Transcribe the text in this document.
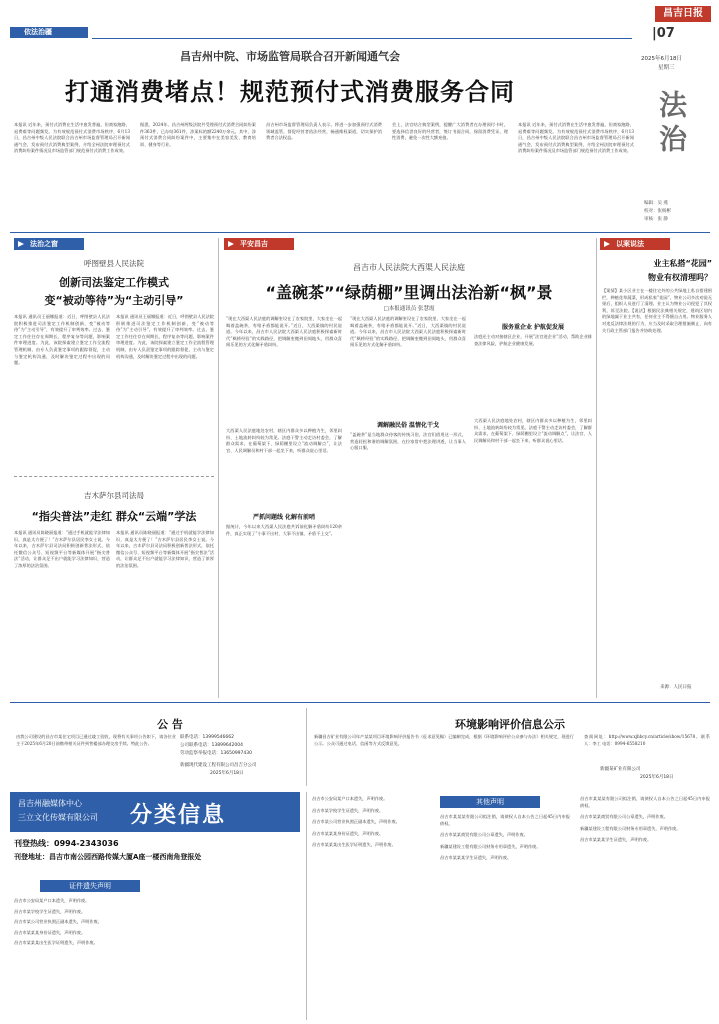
依法治疆
昌吉日报
|07
2025年6月18日
星期三
昌吉州中院、市场监管局联合召开新闻通气会
打通消费堵点！规范预付式消费服务合同
本报讯 近年来，预付式消费在生活中愈发普遍，但商家跑路、退费难等问题频发。为有效规范预付式消费市场秩序，6月13日，昌吉州中级人民法院联合昌吉州市场监督管理局召开新闻通气会，发布预付式消费典型案例，介绍全州法院审理预付式消费纠纷案件情况及市场监管部门规范预付式消费工作成效。
据悉，2024年，昌吉州两级法院共受理预付式消费合同纠纷案件363件，已办结361件，涉案标的额2240万余元。其中，涉预付式消费合同纠纷案件中，主要集中在美容美发、教育培训、健身等行业。
昌吉州市场监督管理局负责人表示，将进一步加强预付式消费领域监管，督促经营者依法经营，畅通维权渠道，切实保护消费者合法权益。
会上，法官结合典型案例，提醒广大消费者在办理预付卡时，要选择信誉良好的经营者，签订书面合同，保留消费凭证，理性消费，避免一次性大额充值。
本报讯 近年来，预付式消费在生活中愈发普遍，但商家跑路、退费难等问题频发。为有效规范预付式消费市场秩序，6月13日，昌吉州中级人民法院联合昌吉州市场监督管理局召开新闻通气会，发布预付式消费典型案例，介绍全州法院审理预付式消费纠纷案件情况及市场监管部门规范预付式消费工作成效。 法治
编辑：吴 燕
校对：张杨彬
审核：张 静
法治之窗
呼图壁县人民法院
创新司法鉴定工作模式
变“被动等待”为“主动引导”
本报讯 通讯员王丽娜报道：近日，呼图壁县人民法院积极推进司法鉴定工作机制创新，变“被动等待”为“主动引导”，有效提升了审判效率。过去，鉴定工作往往存在周期长、程序复杂等问题，影响案件审理进度。为此，该院探索建立鉴定工作全流程管理机制，由专人负责鉴定事项的跟踪督促，主动与鉴定机构沟通，及时解决鉴定过程中出现的问题。
本报讯 通讯员王丽娜报道：近日，呼图壁县人民法院积极推进司法鉴定工作机制创新，变“被动等待”为“主动引导”，有效提升了审判效率。过去，鉴定工作往往存在周期长、程序复杂等问题，影响案件审理进度。为此，该院探索建立鉴定工作全流程管理机制，由专人负责鉴定事项的跟踪督促，主动与鉴定机构沟通，及时解决鉴定过程中出现的问题。
吉木萨尔县司法局
“指尖普法”走红 群众“云端”学法
本报讯 通讯员陈晓丽报道：“通过手机就能学法律知识，真是太方便了！”吉木萨尔县居民李女士说。今年以来，吉木萨尔县司法局积极创新普法形式，依托微信公众号、短视频平台等新媒体开展“指尖普法”活动，让群众足不出户就能学习法律知识，营造了浓厚的法治氛围。
本报讯 通讯员陈晓丽报道：“通过手机就能学法律知识，真是太方便了！”吉木萨尔县居民李女士说。今年以来，吉木萨尔县司法局积极创新普法形式，依托微信公众号、短视频平台等新媒体开展“指尖普法”活动，让群众足不出户就能学习法律知识，营造了浓厚的法治氛围。
平安昌吉
昌吉市人民法院大西渠人民法庭
“盖碗茶”“绿荫棚”里调出法治新“枫”景
□本报通讯员 张慧霞
“现在大西渠人民法庭的调解室设在了农家院里，大家坐在一起喝着盖碗茶，有啥矛盾都能说开。”近日，大西渠镇的村民说道。今年以来，昌吉市人民法院大西渠人民法庭积极探索新时代“枫桥经验”的实践路径，把调解室搬到田间地头，用群众喜闻乐见的方式化解矛盾纠纷。
大西渠人民法庭地处农村，辖区内群众多以种植为生，邻里纠纷、土地流转纠纷较为常见。法庭干警主动走访村委会，了解群众需求，在葡萄架下、绿荫棚里设立“流动调解点”，让法官、人民调解员和村干部一起坐下来，听群众说心里话。
严抓问题线 化解有前哨
据统计，今年以来大西渠人民法庭共诉前化解矛盾纠纷120余件，真正实现了“小事不出村、大事不出镇、矛盾不上交”。
“现在大西渠人民法庭的调解室设在了农家院里，大家坐在一起喝着盖碗茶，有啥矛盾都能说开。”近日，大西渠镇的村民说道。今年以来，昌吉市人民法院大西渠人民法庭积极探索新时代“枫桥经验”的实践路径，把调解室搬到田间地头，用群众喜闻乐见的方式化解矛盾纠纷。
调解融民俗 温情化干戈
“盖碗茶”是当地群众待客的传统习俗，法官们借用这一形式，营造轻松和谐的调解氛围，在拉家常中把法理讲透，让当事人心服口服。
服务重企业 护航促发展
法庭还主动对接辖区企业，开展“法官进企业”活动，帮助企业排查法律风险，护航企业健康发展。
大西渠人民法庭地处农村，辖区内群众多以种植为生，邻里纠纷、土地流转纠纷较为常见。法庭干警主动走访村委会，了解群众需求，在葡萄架下、绿荫棚里设立“流动调解点”，让法官、人民调解员和村干部一起坐下来，听群众说心里话。
以案说法
业主私搭“花园”
物业有权清理吗？
【案情】某小区业主在一楼住宅外的公共绿地上私自搭建围栏，种植花草蔬菜，形成私家“花园”。物业公司多次劝说无果后，组织人员进行了清理。业主认为物业公司侵犯了其权利，诉至法院。【说法】根据民法典相关规定，建筑区划内的绿地属于业主共有，任何业主不得擅自占用。物业服务人对违反法律法规的行为，应当及时采取合理措施制止、向有关行政主管部门报告并协助处理。
来源：人民日报
公 告
由我公司建设的昌吉市某住宅项目已通过竣工验收，现将有关事项公告如下，请各位业主于2025年6月20日前携带相关证件到售楼部办理交房手续。特此公告。
联系电话：13999546662
公司联系电话：13899642004
劳动监察举报电话：13650997430
新疆现代建设工程有限公司昌吉分公司
2025年6月18日
环境影响评价信息公示
新疆昌吉矿业有限公司年产某某项目环境影响评价报告书（征求意见稿）已编制完成，根据《环境影响评价公众参与办法》相关规定，现进行公示。公众可通过电话、信函等方式反馈意见。
查阅网址：http://www.xjhbcy.cn/article/show/15678。联系人：李工 电话：0994-6558210
新疆某矿业有限公司
2025年6月18日
昌吉州融媒体中心
三立文化传媒有限公司 分类信息
刊登热线：0994-2343036
刊登地址：昌吉市南公园西路传媒大厦A座一楼西南角登报处
证件遗失声明
昌吉市公安局某户口本遗失，声明作废。
昌吉市某学校学生证遗失，声明作废。
昌吉市某公司营业执照正副本遗失，声明作废。
昌吉市某某某身份证遗失，声明作废。
昌吉市某某某出生医学证明遗失，声明作废。
昌吉市公安局某户口本遗失，声明作废。
昌吉市某学校学生证遗失，声明作废。
昌吉市某公司营业执照正副本遗失，声明作废。
昌吉市某某某身份证遗失，声明作废。
昌吉市某某某出生医学证明遗失，声明作废。
其他声明
昌吉市某某某有限公司拟注销，请债权人自本公告之日起45日内申报债权。
昌吉市某某商贸有限公司公章遗失，声明作废。
新疆某建设工程有限公司财务专用章遗失，声明作废。
昌吉市某某某学生证遗失，声明作废。
昌吉市某某某有限公司拟注销，请债权人自本公告之日起45日内申报债权。
昌吉市某某商贸有限公司公章遗失，声明作废。
新疆某建设工程有限公司财务专用章遗失，声明作废。
昌吉市某某某学生证遗失，声明作废。
